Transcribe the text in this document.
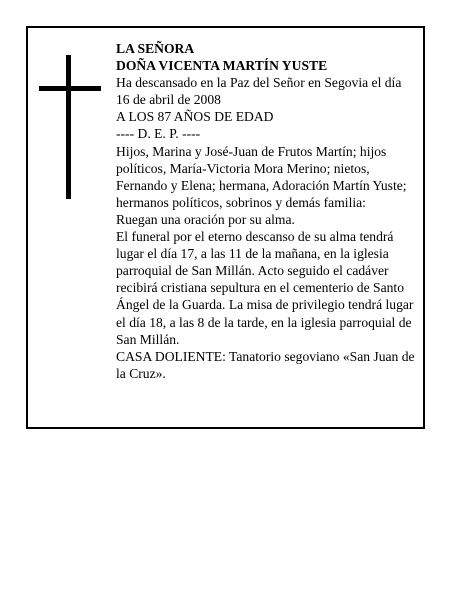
LA SEÑORA

DOÑA VICENTA MARTÍN YUSTE

Ha descansado en la Paz del Señor en Segovia el día 16 de abril de 2008

A LOS 87 AÑOS DE EDAD

---- D. E. P. ----

Hijos, Marina y José-Juan de Frutos Martín; hijos políticos, María-Victoria Mora Merino; nietos, Fernando y Elena; hermana, Adoración Martín Yuste; hermanos políticos, sobrinos y demás familia:

Ruegan una oración por su alma.

El funeral por el eterno descanso de su alma tendrá lugar el día 17, a las 11 de la mañana, en la iglesia parroquial de San Millán. Acto seguido el cadáver recibirá cristiana sepultura en el cementerio de Santo Ángel de la Guarda. La misa de privilegio tendrá lugar el día 18, a las 8 de la tarde, en la iglesia parroquial de San Millán.

CASA DOLIENTE: Tanatorio segoviano «San Juan de la Cruz».
